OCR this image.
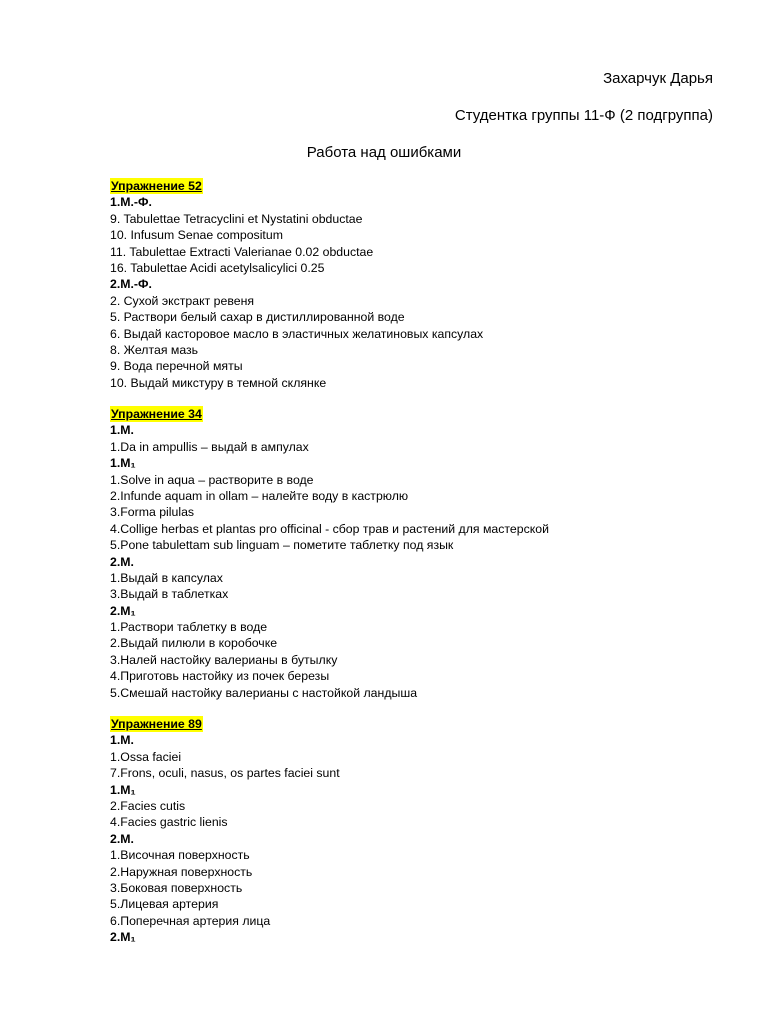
Захарчук Дарья
Студентка группы 11-Ф (2 подгруппа)
Работа над ошибками
Упражнение 52
1.М.-Ф.
9. Tabulettae Tetracyclini et Nystatini obductae
10. Infusum Senae compositum
11. Tabulettae Extracti Valerianae 0.02 obductae
16. Tabulettae Acidi acetylsalicylici 0.25
2.М.-Ф.
2. Сухой экстракт ревеня
5. Раствори белый сахар в дистиллированной воде
6. Выдай касторовое масло в эластичных желатиновых капсулах
8. Желтая мазь
9. Вода перечной мяты
10. Выдай микстуру в темной склянке
Упражнение 34
1.М.
1.Da in ampullis – выдай в ампулах
1.М₁
1.Solve in aqua – растворите в воде
2.Infunde aquam in ollam – налейте воду в кастрюлю
3.Forma pilulas
4.Collige herbas et plantas pro officinal - сбор трав и растений для мастерской
5.Pone tabulettam sub linguam – пометите таблетку под язык
2.М.
1.Выдай в капсулах
3.Выдай в таблетках
2.М₁
1.Раствори таблетку в воде
2.Выдай пилюли в коробочке
3.Налей настойку валерианы в бутылку
4.Приготовь настойку из почек березы
5.Смешай настойку валерианы с настойкой ландыша
Упражнение 89
1.М.
1.Ossa faciei
7.Frons, oculi, nasus, os partes faciei sunt
1.М₁
2.Facies cutis
4.Facies gastric lienis
2.М.
1.Височная поверхность
2.Наружная поверхность
3.Боковая поверхность
5.Лицевая артерия
6.Поперечная артерия лица
2.М₁
